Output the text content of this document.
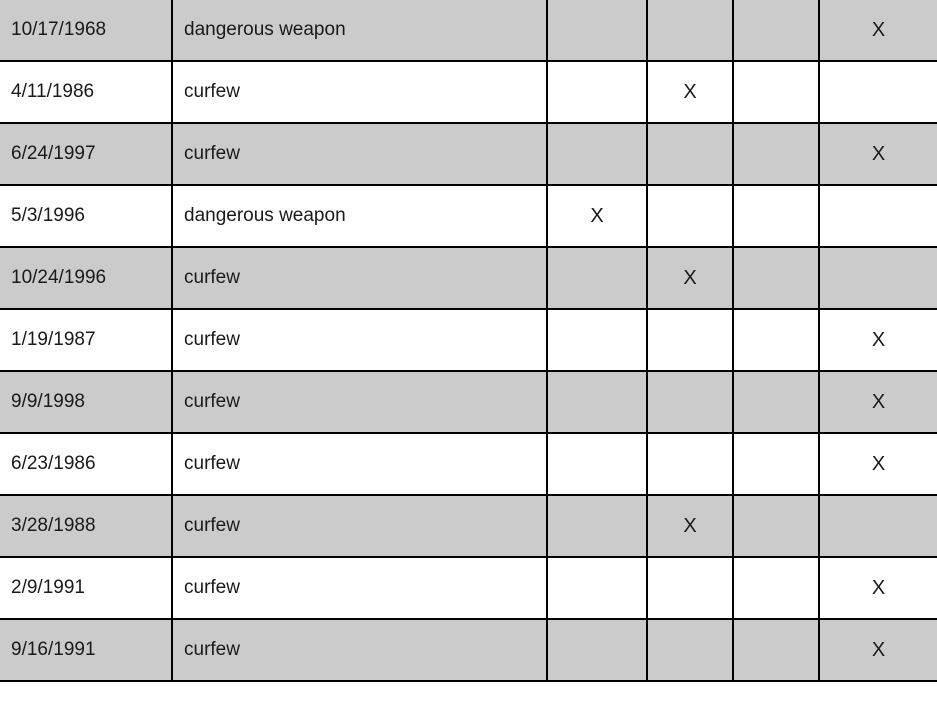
10/17/1968	dangerous weapon				X
4/11/1986	curfew		X		
6/24/1997	curfew				X
5/3/1996	dangerous weapon	X			
10/24/1996	curfew		X		
1/19/1987	curfew				X
9/9/1998	curfew				X
6/23/1986	curfew				X
3/28/1988	curfew		X		
2/9/1991	curfew				X
9/16/1991	curfew				X
